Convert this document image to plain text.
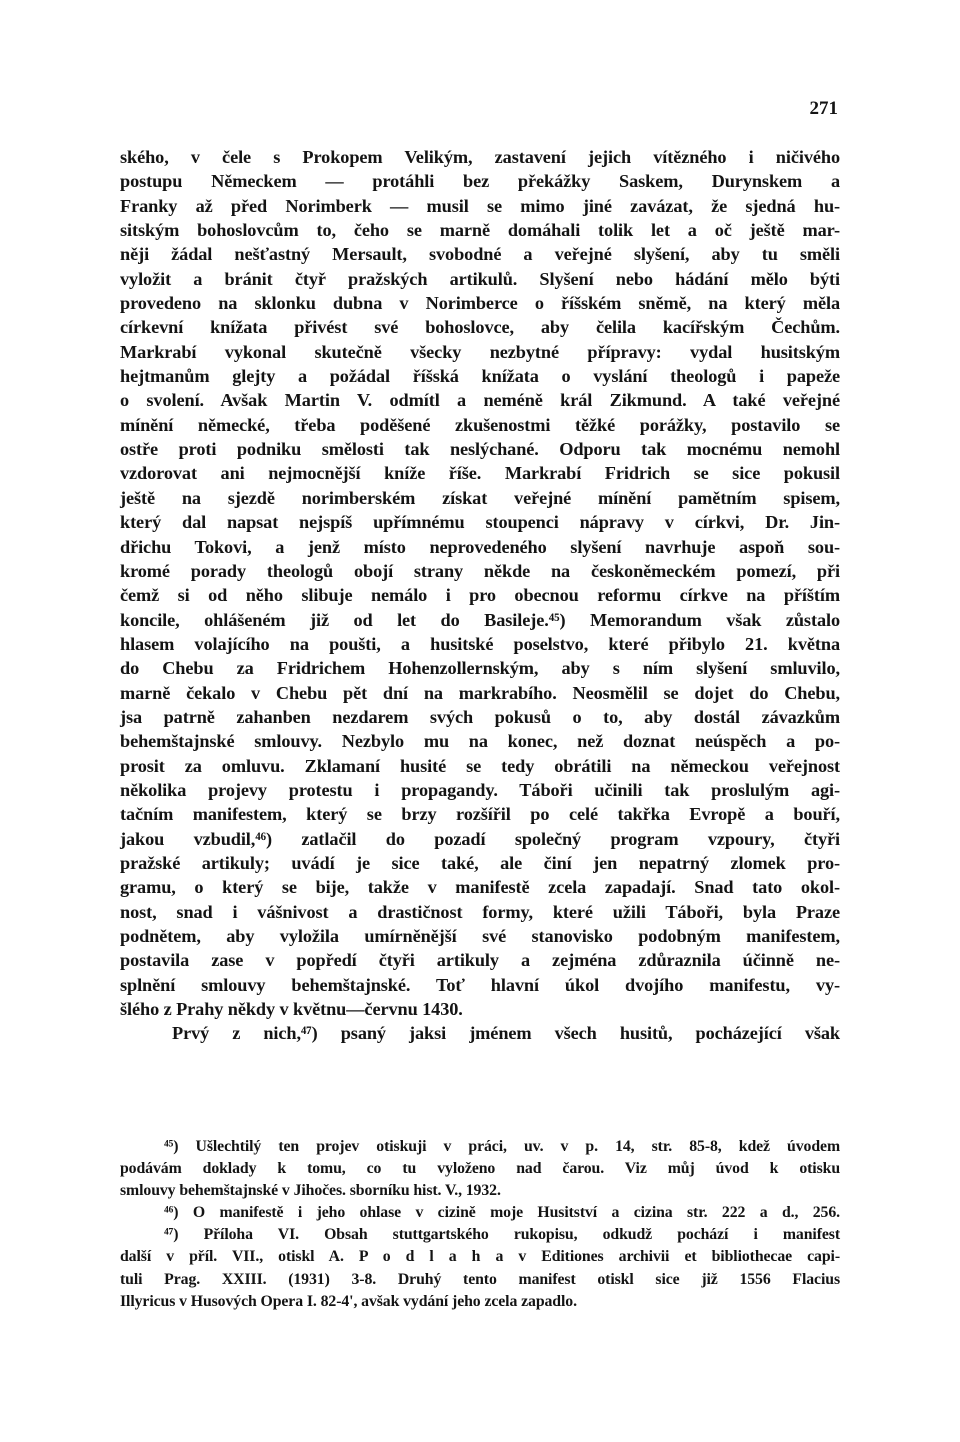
271
ského, v čele s Prokopem Velikým, zastavení jejich vítězného i ničivého
postupu Německem — protáhli bez překážky Saskem, Durynskem a
Franky až před Norimberk — musil se mimo jiné zavázat, že sjedná hu-
sitským bohoslovcům to, čeho se marně domáhali tolik let a oč ještě mar-
něji žádal nešťastný Mersault, svobodné a veřejné slyšení, aby tu směli
vyložit a bránit čtyř pražských artikulů. Slyšení nebo hádání mělo býti
provedeno na sklonku dubna v Norimberce o říšském sněmě, na který měla
církevní knížata přivést své bohoslovce, aby čelila kacířským Čechům.
Markrabí vykonal skutečně všecky nezbytné přípravy: vydal husitským
hejtmanům glejty a požádal říšská knížata o vyslání theologů i papeže
o svolení. Avšak Martin V. odmítl a neméně král Zikmund. A také veřejné
mínění německé, třeba poděšené zkušenostmi těžké porážky, postavilo se
ostře proti podniku smělosti tak neslýchané. Odporu tak mocnému nemohl
vzdorovat ani nejmocnější kníže říše. Markrabí Fridrich se sice pokusil
ještě na sjezdě norimberském získat veřejné mínění pamětním spisem,
který dal napsat nejspíš upřímnému stoupenci nápravy v církvi, Dr. Jin-
dřichu Tokovi, a jenž místo neprovedeného slyšení navrhuje aspoň sou-
kromé porady theologů obojí strany někde na českoněmeckém pomezí, při
čemž si od něho slibuje nemálo i pro obecnou reformu církve na příštím
koncile, ohlášeném již od let do Basileje.⁴⁵) Memorandum však zůstalo
hlasem volajícího na poušti, a husitské poselstvo, které přibylo 21. května
do Chebu za Fridrichem Hohenzollernským, aby s ním slyšení smluvilo,
marně čekalo v Chebu pět dní na markrabího. Neosmělil se dojet do Chebu,
jsa patrně zahanben nezdarem svých pokusů o to, aby dostál závazkům
behemštajnské smlouvy. Nezbylo mu na konec, než doznat neúspěch a po-
prosit za omluvu. Zklamaní husité se tedy obrátili na německou veřejnost
několika projevy protestu i propagandy. Táboři učinili tak proslulým agi-
tačním manifestem, který se brzy rozšířil po celé takřka Evropě a bouří,
jakou vzbudil,⁴⁶) zatlačil do pozadí společný program vzpoury, čtyři
pražské artikuly; uvádí je sice také, ale činí jen nepatrný zlomek pro-
gramu, o který se bije, takže v manifestě zcela zapadají. Snad tato okol-
nost, snad i vášnivost a drastičnost formy, které užili Táboři, byla Praze
podnětem, aby vyložila umírněnější své stanovisko podobným manifestem,
postavila zase v popředí čtyři artikuly a zejména zdůraznila účinně ne-
splnění smlouvy behemštajnské. Toť hlavní úkol dvojího manifestu, vy-
šlého z Prahy někdy v květnu—červnu 1430.
Prvý z nich,⁴⁷) psaný jaksi jménem všech husitů, pocházející však
⁴⁵) Ušlechtilý ten projev otiskuji v práci, uv. v p. 14, str. 85-8, kdež úvodem
podávám doklady k tomu, co tu vyloženo nad čarou. Viz můj úvod k otisku
smlouvy behemštajnské v Jihočes. sborníku hist. V., 1932.
⁴⁶) O manifestě i jeho ohlase v cizině moje Husitství a cizina str. 222 a d., 256.
⁴⁷) Příloha VI. Obsah stuttgartského rukopisu, odkudž pochází i manifest
další v příl. VII., otiskl A. P o d l a h a v Editiones archivii et bibliothecae capi-
tuli Prag. XXIII. (1931) 3-8. Druhý tento manifest otiskl sice již 1556 Flacius
Illyricus v Husových Opera I. 82-4', avšak vydání jeho zcela zapadlo.
